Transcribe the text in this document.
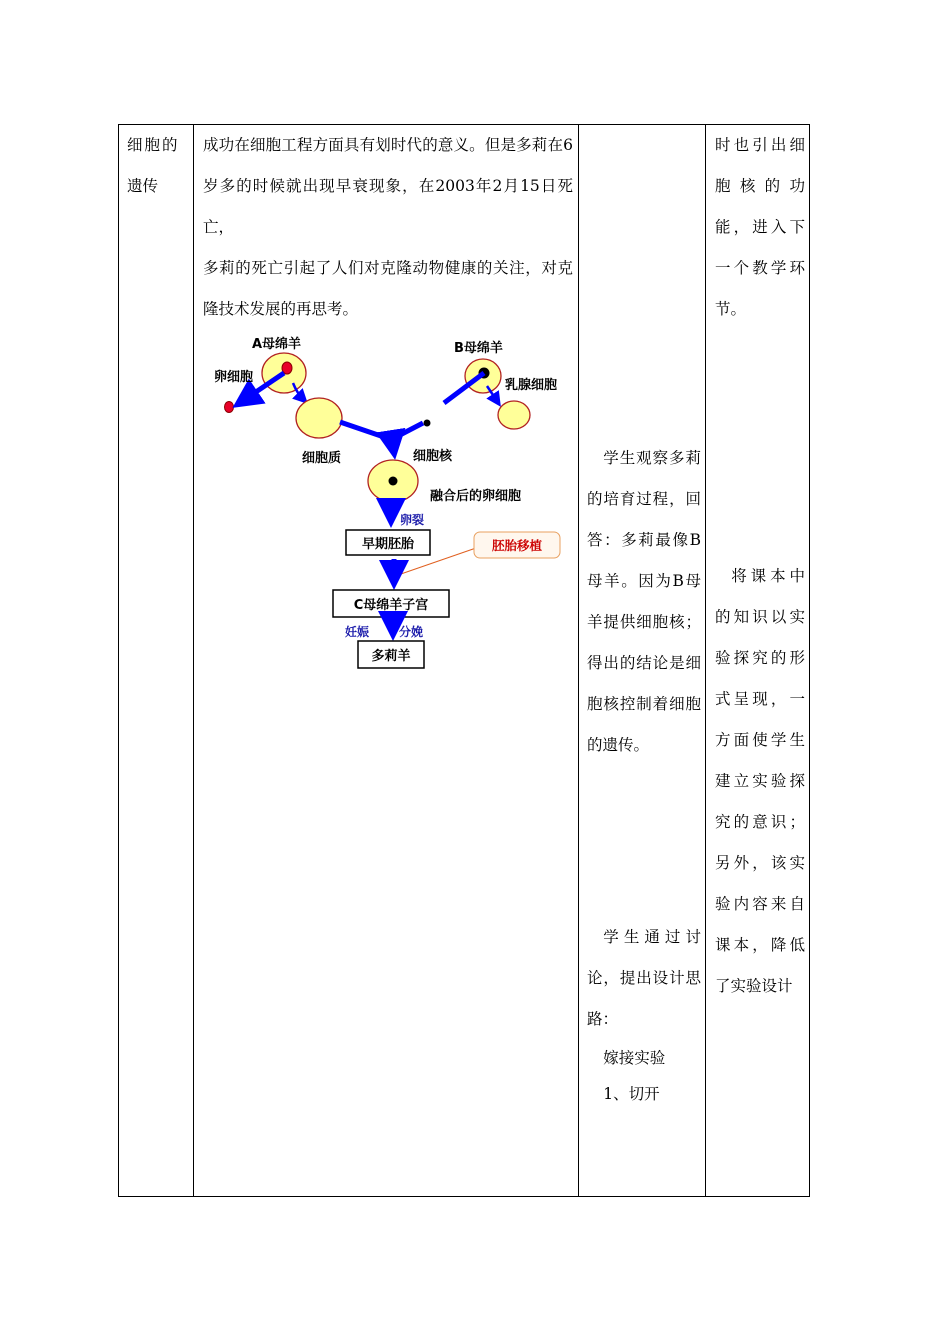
细胞的
遗传

成功在细胞工程方面具有划时代的意义。但是多莉在6岁多的时候就出现早衰现象，在2003年2月15日死亡，

多莉的死亡引起了人们对克隆动物健康的关注，对克隆技术发展的再思考。

学生观察多莉的培育过程，回答：多莉最像B母羊。因为B母羊提供细胞核；得出的结论是细胞核控制着细胞的遗传。

学生通过讨论，提出设计思路：

嫁接实验

1、切开

时也引出细胞核的功能，进入下一个教学环节。

将课本中的知识以实验探究的形式呈现，一方面使学生建立实验探究的意识；另外，该实验内容来自课本，降低了实验设计

A母绵羊
卵细胞
细胞质
B母绵羊
乳腺细胞
细胞核
融合后的卵细胞
卵裂
早期胚胎	胚胎移植
C母绵羊子宫
妊娠 分娩
多莉羊
